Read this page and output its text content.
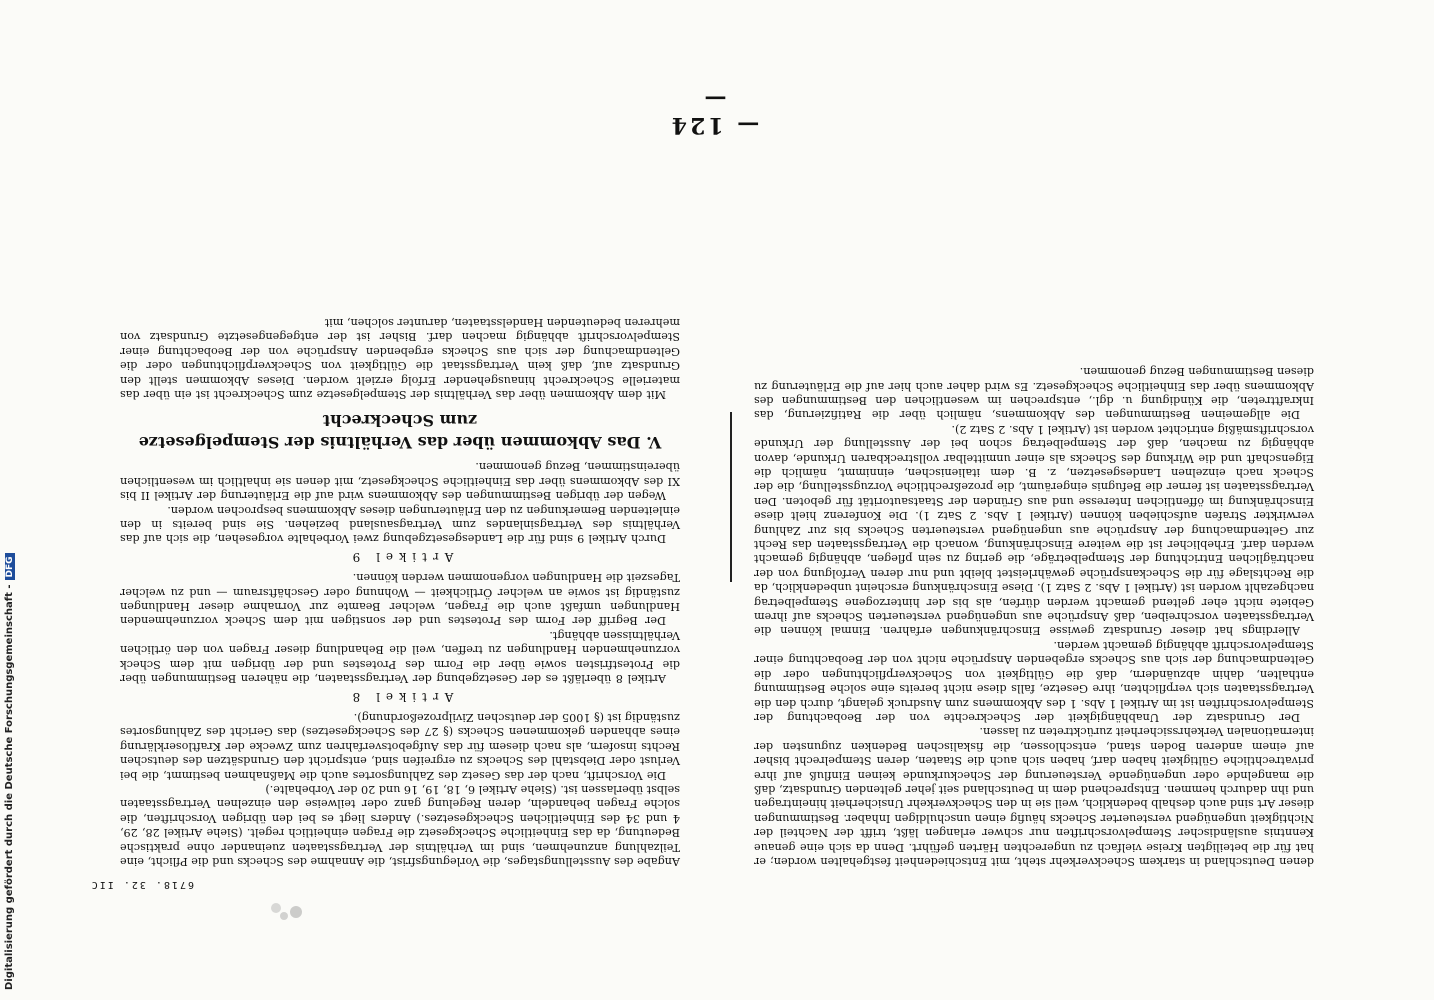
— 124 —

denen Deutschland in starkem Scheckverkehr steht, mit Entschiedenheit festgehalten worden; er hat für die beteiligten Kreise vielfach zu ungerechten Härten geführt. Denn da sich eine genaue Kenntnis ausländischer Stempelvorschriften nur schwer erlangen läßt, trifft der Nachteil der Nichtigkeit ungenügend versteuerter Schecks häufig einen unschuldigen Inhaber. Bestimmungen dieser Art sind auch deshalb bedenklich, weil sie in den Scheckverkehr Unsicherheit hineintragen und ihn dadurch hemmen. Entsprechend dem in Deutschland seit jeher geltenden Grundsatz, daß die mangelnde oder ungenügende Versteuerung der Scheckurkunde keinen Einfluß auf ihre privatrechtliche Gültigkeit haben darf, haben sich auch die Staaten, deren Stempelrecht bisher auf einem anderen Boden stand, entschlossen, die fiskalischen Bedenken zugunsten der internationalen Verkehrssicherheit zurücktreten zu lassen.

Der Grundsatz der Unabhängigkeit der Scheckrechte von der Beobachtung der Stempelvorschriften ist im Artikel 1 Abs. 1 des Abkommens zum Ausdruck gelangt, durch den die Vertragsstaaten sich verpflichten, ihre Gesetze, falls diese nicht bereits eine solche Bestimmung enthalten, dahin abzuändern, daß die Gültigkeit von Scheckverpflichtungen oder die Geltendmachung der sich aus Schecks ergebenden Ansprüche nicht von der Beobachtung einer Stempelvorschrift abhängig gemacht werden.

Allerdings hat dieser Grundsatz gewisse Einschränkungen erfahren. Einmal können die Vertragsstaaten vorschreiben, daß Ansprüche aus ungenügend versteuerten Schecks auf ihrem Gebiete nicht eher geltend gemacht werden dürfen, als bis der hinterzogene Stempelbetrag nachgezahlt worden ist (Artikel 1 Abs. 2 Satz 1). Diese Einschränkung erscheint unbedenklich, da die Rechtslage für die Scheckansprüche gewährleistet bleibt und nur deren Verfolgung von der nachträglichen Entrichtung der Stempelbeträge, die gering zu sein pflegen, abhängig gemacht werden darf. Erheblicher ist die weitere Einschränkung, wonach die Vertragsstaaten das Recht zur Geltendmachung der Ansprüche aus ungenügend versteuerten Schecks bis zur Zahlung verwirkter Strafen aufschieben können (Artikel 1 Abs. 2 Satz 1). Die Konferenz hielt diese Einschränkung im öffentlichen Interesse und aus Gründen der Staatsautorität für geboten. Den Vertragsstaaten ist ferner die Befugnis eingeräumt, die prozeßrechtliche Vorzugsstellung, die der Scheck nach einzelnen Landesgesetzen, z. B. dem italienischen, einnimmt, nämlich die Eigenschaft und die Wirkung des Schecks als einer unmittelbar vollstreckbaren Urkunde, davon abhängig zu machen, daß der Stempelbetrag schon bei der Ausstellung der Urkunde vorschriftsmäßig entrichtet worden ist (Artikel 1 Abs. 2 Satz 2).

Die allgemeinen Bestimmungen des Abkommens, nämlich über die Ratifizierung, das Inkrafttreten, die Kündigung u. dgl., entsprechen im wesentlichen den Bestimmungen des Abkommens über das Einheitliche Scheckgesetz. Es wird daher auch hier auf die Erläuterung zu diesen Bestimmungen Bezug genommen.

Angabe des Ausstellungstages, die Vorlegungsfrist, die Annahme des Schecks und die Pflicht, eine Teilzahlung anzunehmen, sind im Verhältnis der Vertragsstaaten zueinander ohne praktische Bedeutung, da das Einheitliche Scheckgesetz die Fragen einheitlich regelt. (Siehe Artikel 28, 29, 4 und 34 des Einheitlichen Scheckgesetzes.) Anders liegt es bei den übrigen Vorschriften, die solche Fragen behandeln, deren Regelung ganz oder teilweise den einzelnen Vertragsstaaten selbst überlassen ist. (Siehe Artikel 6, 18, 19, 16 und 20 der Vorbehalte.)

Die Vorschrift, nach der das Gesetz des Zahlungsortes auch die Maßnahmen bestimmt, die bei Verlust oder Diebstahl des Schecks zu ergreifen sind, entspricht den Grundsätzen des deutschen Rechts insofern, als nach diesem für das Aufgebotsverfahren zum Zwecke der Kraftloserklärung eines abhanden gekommenen Schecks (§ 27 des Scheckgesetzes) das Gericht des Zahlungsortes zuständig ist (§ 1005 der deutschen Zivilprozeßordnung).

Artikel 8

Artikel 8 überläßt es der Gesetzgebung der Vertragsstaaten, die näheren Bestimmungen über die Protestfristen sowie über die Form des Protestes und der übrigen mit dem Scheck vorzunehmenden Handlungen zu treffen, weil die Behandlung dieser Fragen von den örtlichen Verhältnissen abhängt.

Der Begriff der Form des Protestes und der sonstigen mit dem Scheck vorzunehmenden Handlungen umfaßt auch die Fragen, welcher Beamte zur Vornahme dieser Handlungen zuständig ist sowie an welcher Örtlichkeit — Wohnung oder Geschäftsraum — und zu welcher Tageszeit die Handlungen vorgenommen werden können.

Artikel 9

Durch Artikel 9 sind für die Landesgesetzgebung zwei Vorbehalte vorgesehen, die sich auf das Verhältnis des Vertragsinlandes zum Vertragsausland beziehen. Sie sind bereits in den einleitenden Bemerkungen zu den Erläuterungen dieses Abkommens besprochen worden.

Wegen der übrigen Bestimmungen des Abkommens wird auf die Erläuterung der Artikel II bis XI des Abkommens über das Einheitliche Scheckgesetz, mit denen sie inhaltlich im wesentlichen übereinstimmen, Bezug genommen.

V. Das Abkommen über das Verhältnis der Stempelgesetze zum Scheckrecht

Mit dem Abkommen über das Verhältnis der Stempelgesetze zum Scheckrecht ist ein über das materielle Scheckrecht hinausgehender Erfolg erzielt worden. Dieses Abkommen stellt den Grundsatz auf, daß kein Vertragsstaat die Gültigkeit von Scheckverpflichtungen oder die Geltendmachung der sich aus Schecks ergebenden Ansprüche von der Beobachtung einer Stempelvorschrift abhängig machen darf. Bisher ist der entgegengesetzte Grundsatz von mehreren bedeutenden Handelsstaaten, darunter solchen, mit

6718. 32. IIC
Digitalisierung gefördert durch die Deutsche Forschungsgemeinschaft -DFG
